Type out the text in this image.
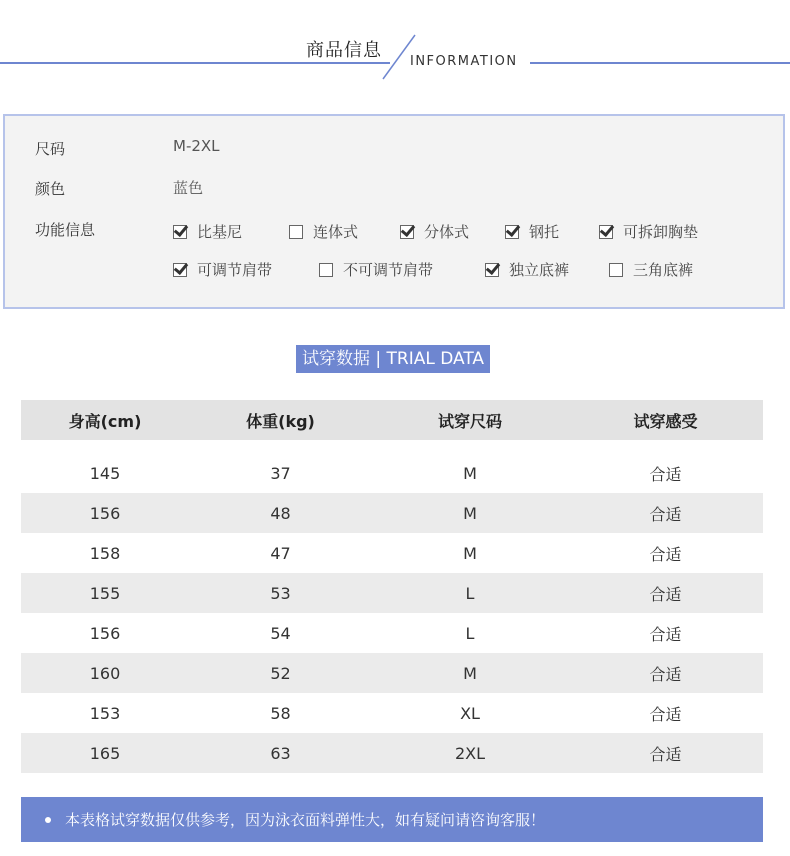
商品信息
INFORMATION
尺码	M-2XL
颜色	蓝色
功能信息	比基尼	连体式	分体式	钢托	可拆卸胸垫
可调节肩带	不可调节肩带	独立底裤	三角底裤
试穿数据 | TRIAL DATA
身高(cm)	体重(kg)	试穿尺码	试穿感受
145	37	M	合适
156	48	M	合适
158	47	M	合适
155	53	L	合适
156	54	L	合适
160	52	M	合适
153	58	XL	合适
165	63	2XL	合适
本表格试穿数据仅供参考，因为泳衣面料弹性大，如有疑问请咨询客服！
